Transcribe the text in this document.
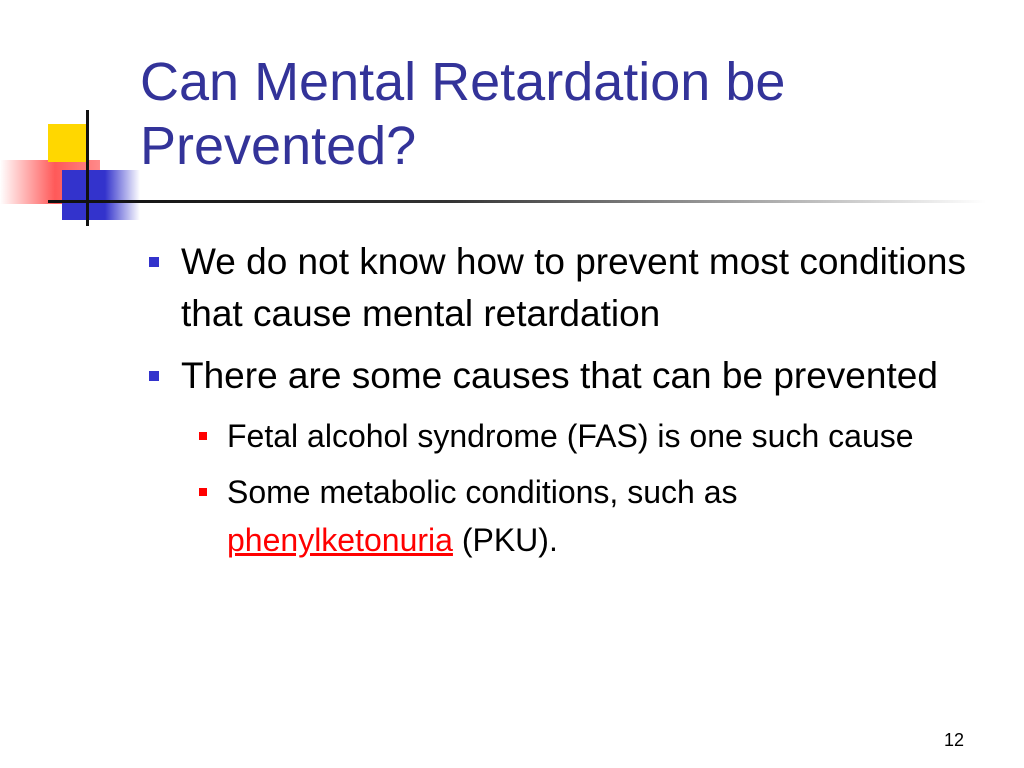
Can Mental Retardation be Prevented?
We do not know how to prevent most conditions that cause mental retardation
There are some causes that can be prevented
Fetal alcohol syndrome (FAS) is one such cause
Some metabolic conditions, such as
phenylketonuria (PKU).
12
